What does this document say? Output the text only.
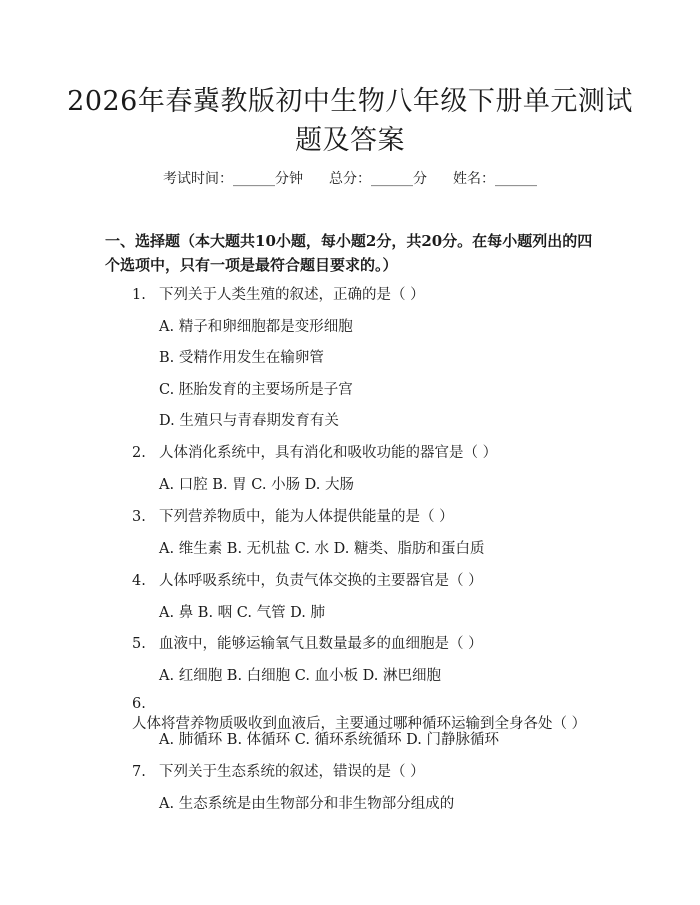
2026年春冀教版初中生物八年级下册单元测试题及答案
考试时间：______分钟 总分：______分 姓名：______
一、选择题（本大题共10小题，每小题2分，共20分。在每小题列出的四个选项中，只有一项是最符合题目要求的。）
1. 下列关于人类生殖的叙述，正确的是（ ）
A. 精子和卵细胞都是变形细胞
B. 受精作用发生在输卵管
C. 胚胎发育的主要场所是子宫
D. 生殖只与青春期发育有关
2. 人体消化系统中，具有消化和吸收功能的器官是（ ）
A. 口腔 B. 胃 C. 小肠 D. 大肠
3. 下列营养物质中，能为人体提供能量的是（ ）
A. 维生素 B. 无机盐 C. 水 D. 糖类、脂肪和蛋白质
4. 人体呼吸系统中，负责气体交换的主要器官是（ ）
A. 鼻 B. 咽 C. 气管 D. 肺
5. 血液中，能够运输氧气且数量最多的血细胞是（ ）
A. 红细胞 B. 白细胞 C. 血小板 D. 淋巴细胞
6.人体将营养物质吸收到血液后，主要通过哪种循环运输到全身各处（ ）
A. 肺循环 B. 体循环 C. 循环系统循环 D. 门静脉循环
7. 下列关于生态系统的叙述，错误的是（ ）
A. 生态系统是由生物部分和非生物部分组成的
